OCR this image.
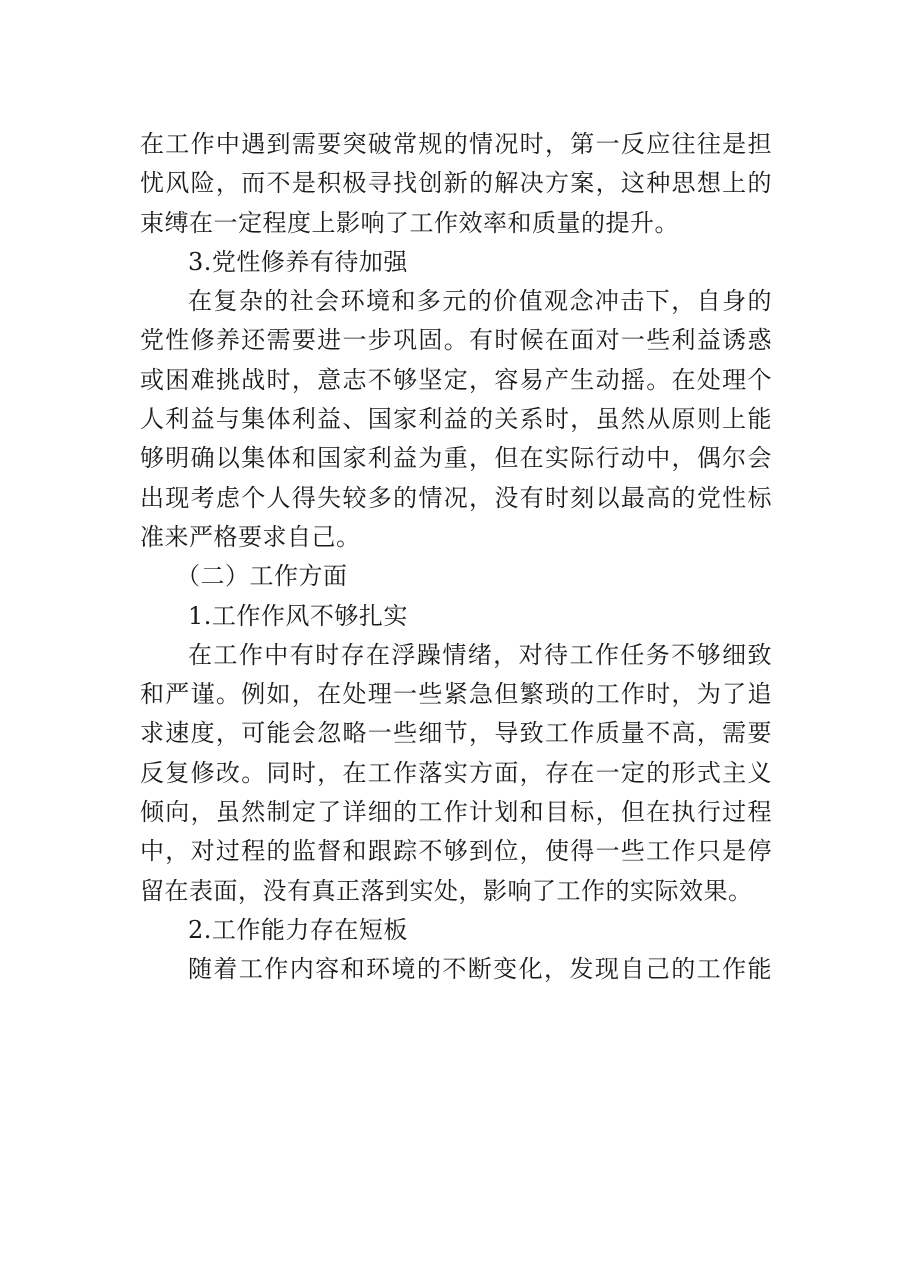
在工作中遇到需要突破常规的情况时，第一反应往往是担
忧风险，而不是积极寻找创新的解决方案，这种思想上的
束缚在一定程度上影响了工作效率和质量的提升。
3.党性修养有待加强
在复杂的社会环境和多元的价值观念冲击下，自身的
党性修养还需要进一步巩固。有时候在面对一些利益诱惑
或困难挑战时，意志不够坚定，容易产生动摇。在处理个
人利益与集体利益、国家利益的关系时，虽然从原则上能
够明确以集体和国家利益为重，但在实际行动中，偶尔会
出现考虑个人得失较多的情况，没有时刻以最高的党性标
准来严格要求自己。
（二）工作方面
1.工作作风不够扎实
在工作中有时存在浮躁情绪，对待工作任务不够细致
和严谨。例如，在处理一些紧急但繁琐的工作时，为了追
求速度，可能会忽略一些细节，导致工作质量不高，需要
反复修改。同时，在工作落实方面，存在一定的形式主义
倾向，虽然制定了详细的工作计划和目标，但在执行过程
中，对过程的监督和跟踪不够到位，使得一些工作只是停
留在表面，没有真正落到实处，影响了工作的实际效果。
2.工作能力存在短板
随着工作内容和环境的不断变化，发现自己的工作能
